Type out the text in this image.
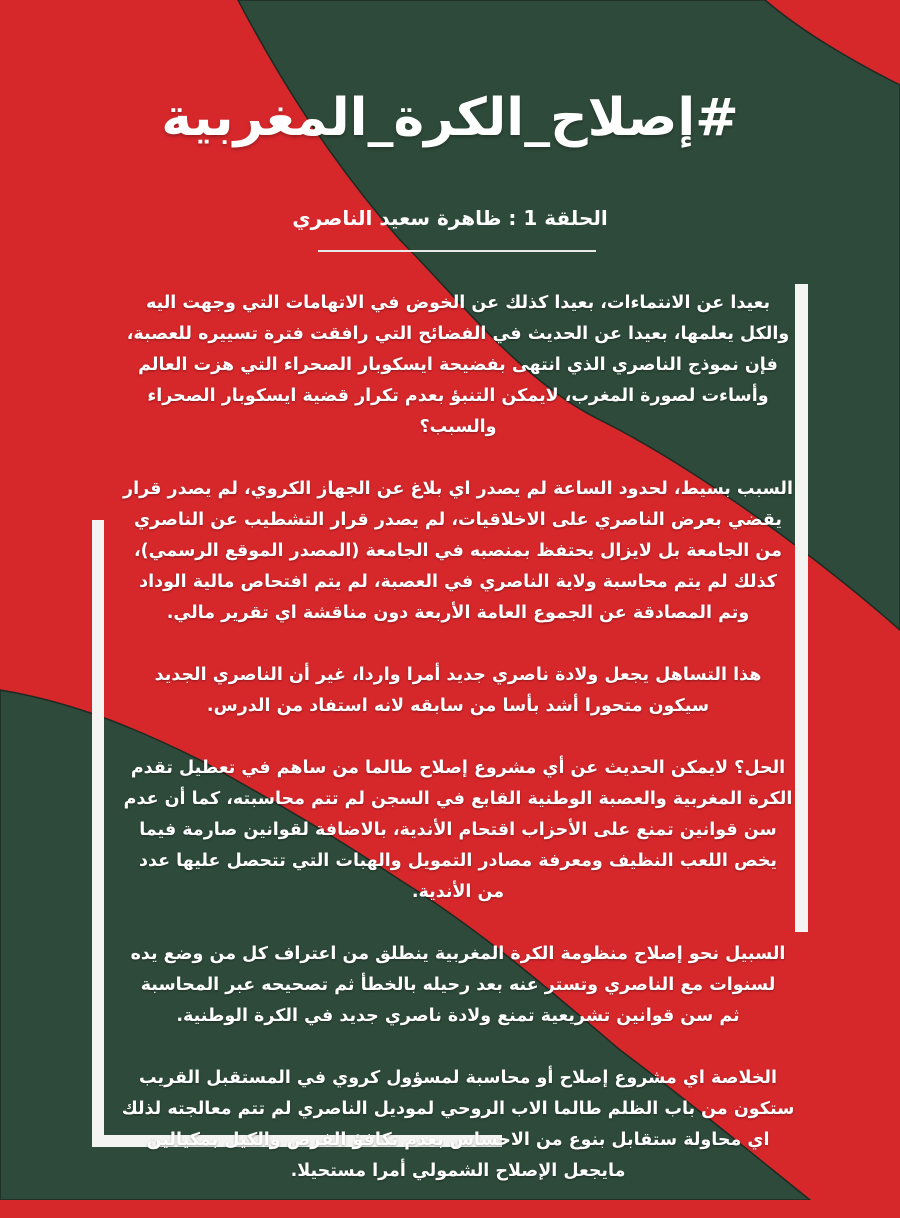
#إصلاح_الكرة_المغربية
الحلقة 1 : ظاهرة سعيد الناصري

بعيدا عن الانتماءات، بعيدا كذلك عن الخوض في الاتهامات التي وجهت اليه
والكل يعلمها، بعيدا عن الحديث في الفضائح التي رافقت فترة تسييره للعصبة،
فإن نموذج الناصري الذي انتهى بفضيحة ايسكوبار الصحراء التي هزت العالم
وأساءت لصورة المغرب، لايمكن التنبؤ بعدم تكرار قضية ايسكوبار الصحراء
والسبب؟

السبب بسيط، لحدود الساعة لم يصدر اي بلاغ عن الجهاز الكروي، لم يصدر قرار
يقضي بعرض الناصري على الاخلاقيات، لم يصدر قرار التشطيب عن الناصري
من الجامعة بل لايزال يحتفظ بمنصبه في الجامعة (المصدر الموقع الرسمي)،
كذلك لم يتم محاسبة ولاية الناصري في العصبة، لم يتم افتحاص مالية الوداد
وتم المصادقة عن الجموع العامة الأربعة دون مناقشة اي تقرير مالي.

هذا التساهل يجعل ولادة ناصري جديد أمرا واردا، غير أن الناصري الجديد
سيكون متحورا أشد بأسا من سابقه لانه استفاد من الدرس.

الحل؟ لايمكن الحديث عن أي مشروع إصلاح طالما من ساهم في تعطيل تقدم
الكرة المغربية والعصبة الوطنية القابع في السجن لم تتم محاسبته، كما أن عدم
سن قوانين تمنع على الأحزاب اقتحام الأندية، بالاضافة لقوانين صارمة فيما
يخص اللعب النظيف ومعرفة مصادر التمويل والهبات التي تتحصل عليها عدد
من الأندية.

السبيل نحو إصلاح منظومة الكرة المغربية ينطلق من اعتراف كل من وضع يده
لسنوات مع الناصري وتستر عنه بعد رحيله بالخطأ ثم تصحيحه عبر المحاسبة
ثم سن قوانين تشريعية تمنع ولادة ناصري جديد في الكرة الوطنية.

الخلاصة اي مشروع إصلاح أو محاسبة لمسؤول كروي في المستقبل القريب
ستكون من باب الظلم طالما الاب الروحي لموديل الناصري لم تتم معالجته لذلك
اي محاولة ستقابل بنوع من الاحساس بعدم تكافؤ الفرص والكيل بمكيالين
مايجعل الإصلاح الشمولي أمرا مستحيلا.
